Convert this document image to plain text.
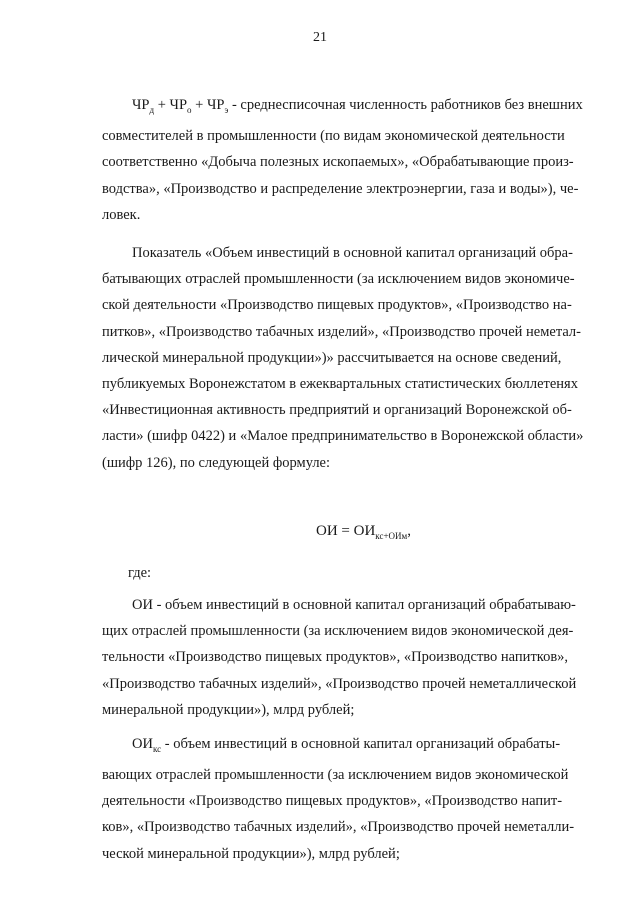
21
$ЧР_д + ЧР_о + ЧР_э$ - среднесписочная численность работников без внешних
совместителей в промышленности (по видам экономической деятельности
соответственно «Добыча полезных ископаемых», «Обрабатывающие произ-
водства», «Производство и распределение электроэнергии, газа и воды»), че-
ловек.
Показатель «Объем инвестиций в основной капитал организаций обра-
батывающих отраслей промышленности (за исключением видов экономиче-
ской деятельности «Производство пищевых продуктов», «Производство на-
питков», «Производство табачных изделий», «Производство прочей неметал-
лической минеральной продукции»)» рассчитывается на основе сведений,
публикуемых Воронежстатом в ежеквартальных статистических бюллетенях
«Инвестиционная активность предприятий и организаций Воронежской об-
ласти» (шифр 0422) и «Малое предпринимательство в Воронежской области»
(шифр 126), по следующей формуле:
ОИ = $ОИ_{кс+ОИм}$,
где:
ОИ - объем инвестиций в основной капитал организаций обрабатываю-
щих отраслей промышленности (за исключением видов экономической дея-
тельности «Производство пищевых продуктов», «Производство напитков»,
«Производство табачных изделий», «Производство прочей неметаллической
минеральной продукции»), млрд рублей;
$ОИ_{кс}$ - объем инвестиций в основной капитал организаций обрабаты-
вающих отраслей промышленности (за исключением видов экономической
деятельности «Производство пищевых продуктов», «Производство напит-
ков», «Производство табачных изделий», «Производство прочей неметалли-
ческой минеральной продукции»), млрд рублей;
